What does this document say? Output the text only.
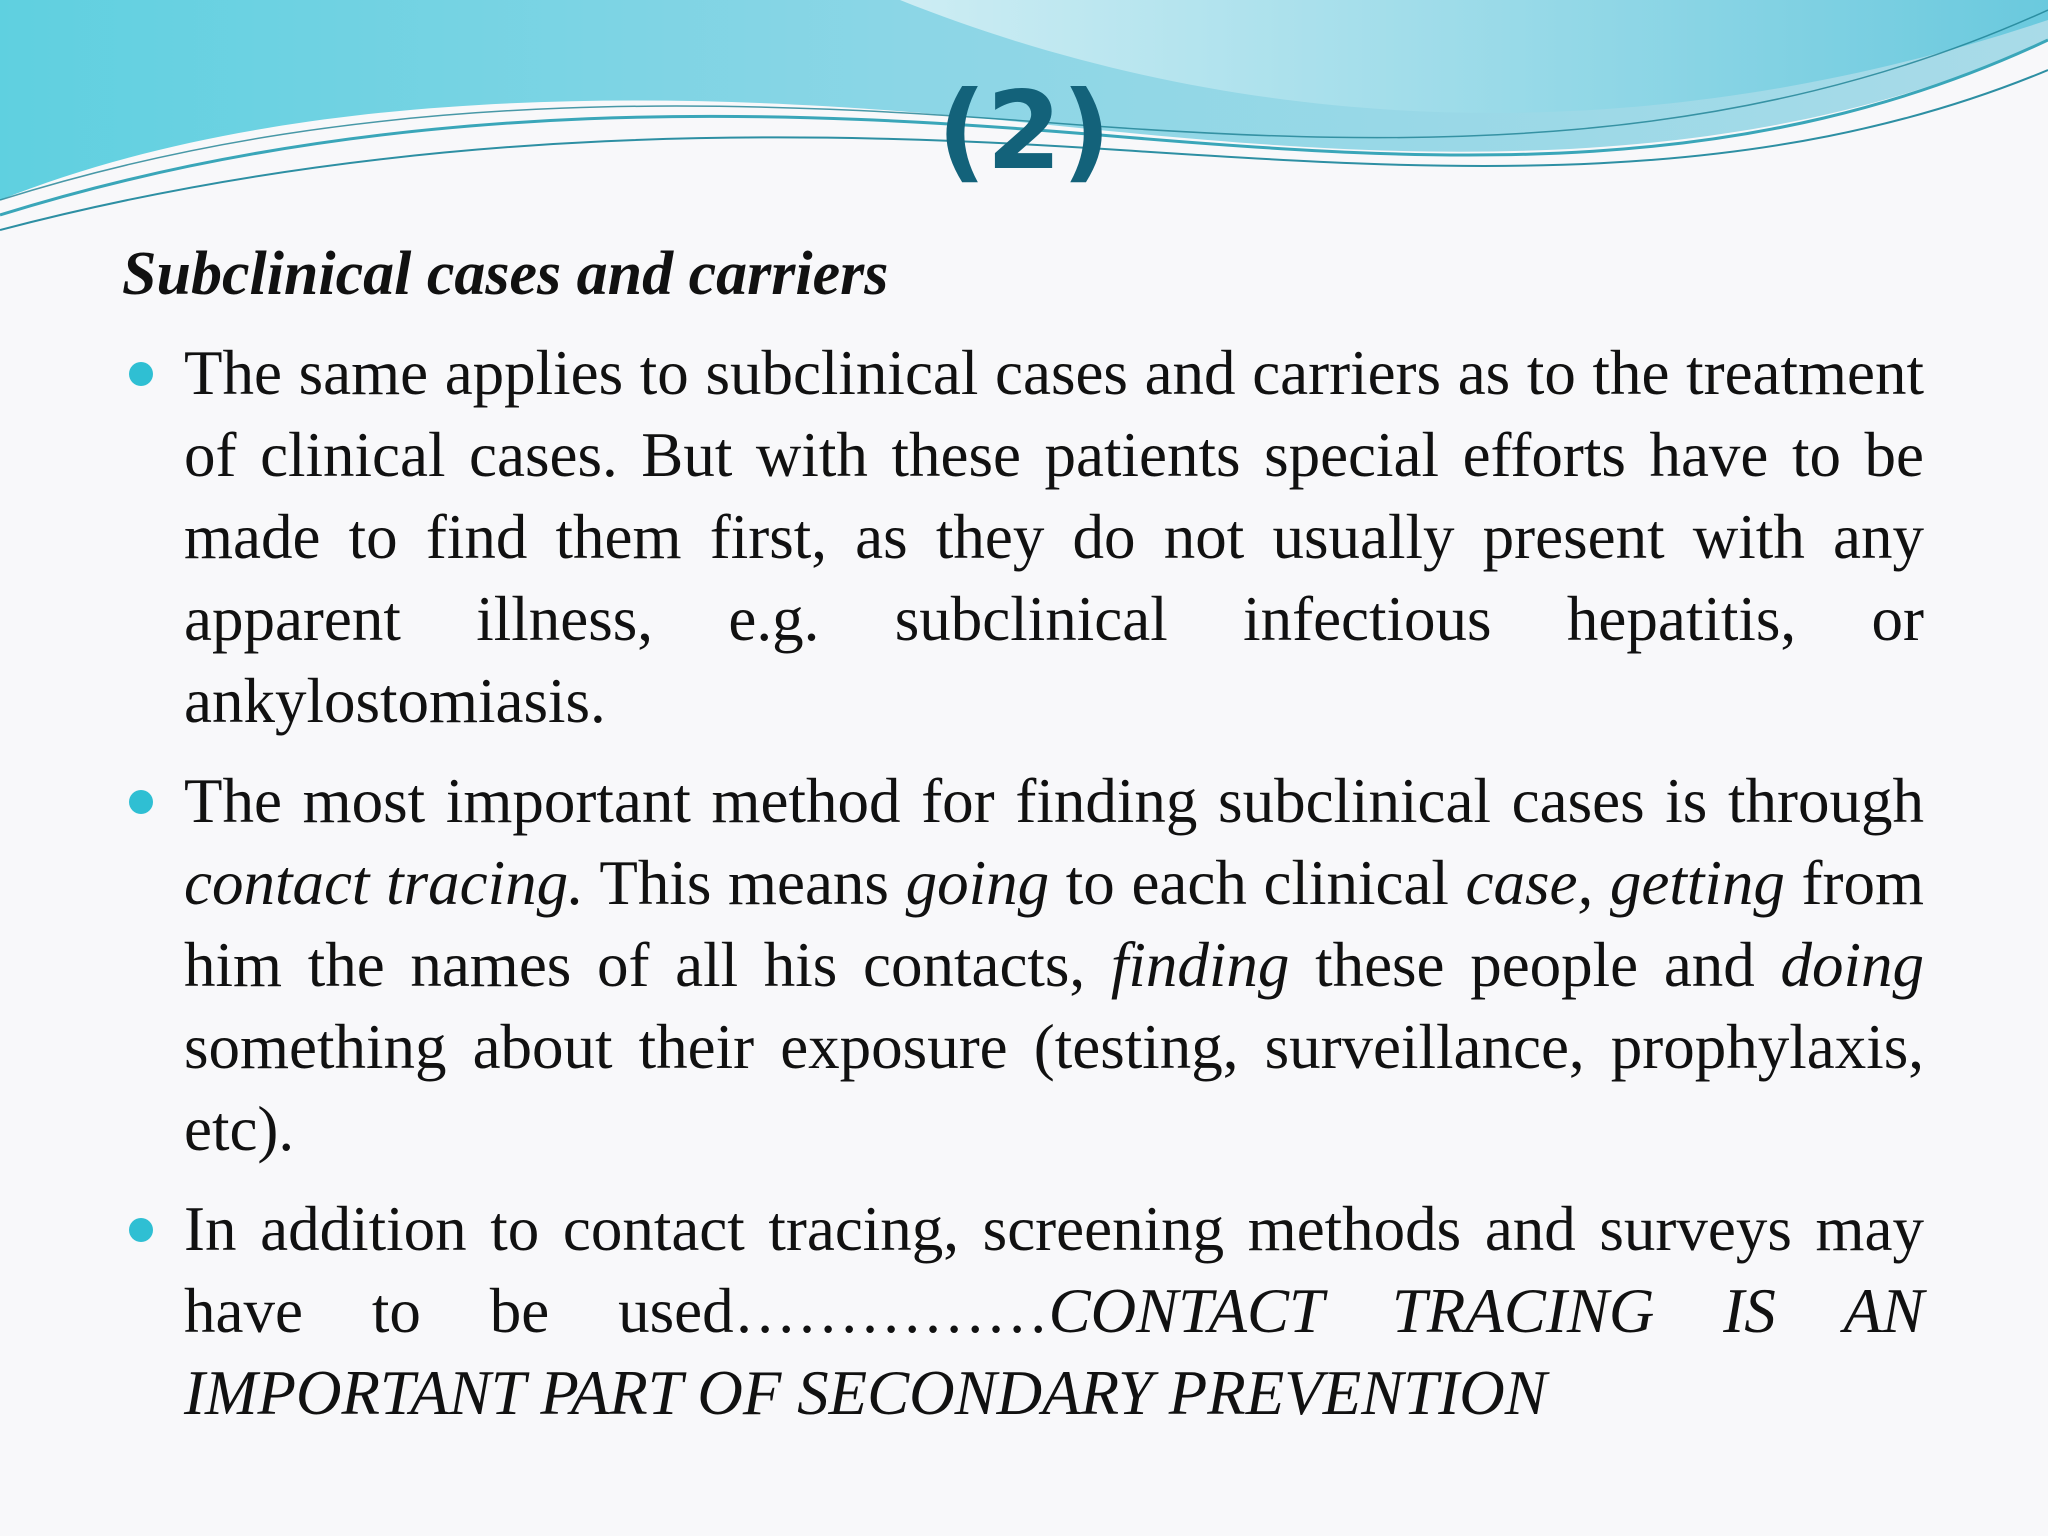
(2)

Subclinical cases and carriers

The same applies to subclinical cases and carriers as to the treatment of clinical cases. But with these patients special efforts have to be made to find them first, as they do not usually present with any apparent illness, e.g. subclinical infectious hepatitis, or ankylostomiasis.
The most important method for finding subclinical cases is through contact tracing. This means going to each clinical case, getting from him the names of all his contacts, finding these people and doing something about their exposure (testing, surveillance, prophylaxis, etc).
In addition to contact tracing, screening methods and surveys may have to be used……………CONTACT TRACING IS AN IMPORTANT PART OF SECONDARY PREVENTION
